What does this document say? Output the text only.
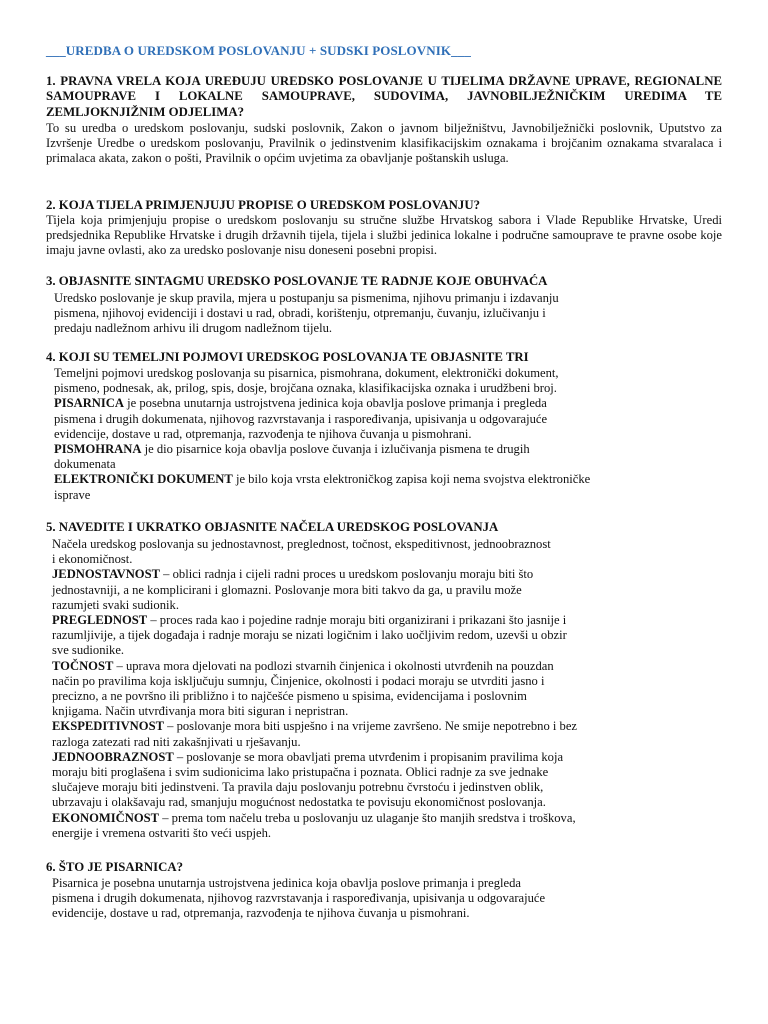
___UREDBA O UREDSKOM POSLOVANJU + SUDSKI POSLOVNIK___
1. PRAVNA VRELA KOJA UREĐUJU UREDSKO POSLOVANJE U TIJELIMA DRŽAVNE UPRAVE, REGIONALNE SAMOUPRAVE I LOKALNE SAMOUPRAVE, SUDOVIMA, JAVNOBILJEŽNIČKIM UREDIMA TE ZEMLJOKNJIŽNIM ODJELIMA?
To su uredba o uredskom poslovanju, sudski poslovnik, Zakon o javnom bilježništvu, Javnobilježnički poslovnik, Uputstvo za Izvršenje Uredbe o uredskom poslovanju, Pravilnik o jedinstvenim klasifikacijskim oznakama i brojčanim oznakama stvaralaca i primalaca akata, zakon o pošti, Pravilnik o općim uvjetima za obavljanje poštanskih usluga.
2. KOJA TIJELA PRIMJENJUJU PROPISE O UREDSKOM POSLOVANJU?
Tijela koja primjenjuju propise o uredskom poslovanju su stručne službe Hrvatskog sabora i Vlade Republike Hrvatske, Uredi predsjednika Republike Hrvatske i drugih državnih tijela, tijela i službi jedinica lokalne i područne samouprave te pravne osobe koje imaju javne ovlasti, ako za uredsko poslovanje nisu doneseni posebni propisi.
3. OBJASNITE SINTAGMU UREDSKO POSLOVANJE TE RADNJE KOJE OBUHVAĆA
Uredsko poslovanje je skup pravila, mjera u postupanju sa pismenima, njihovu primanju i izdavanju
pismena, njihovoj evidenciji i dostavi u rad, obradi, korištenju, otpremanju, čuvanju, izlučivanju i
predaju nadležnom arhivu ili drugom nadležnom tijelu.
4. KOJI SU TEMELJNI POJMOVI UREDSKOG POSLOVANJA TE OBJASNITE TRI
Temeljni pojmovi uredskog poslovanja su pisarnica, pismohrana, dokument, elektronički dokument,
pismeno, podnesak, ak, prilog, spis, dosje, brojčana oznaka, klasifikacijska oznaka i urudžbeni broj.
PISARNICA je posebna unutarnja ustrojstvena jedinica koja obavlja poslove primanja i pregleda
pismena i drugih dokumenata, njihovog razvrstavanja i raspoređivanja, upisivanja u odgovarajuće
evidencije, dostave u rad, otpremanja, razvođenja te njihova čuvanja u pismohrani.
PISMOHRANA je dio pisarnice koja obavlja poslove čuvanja i izlučivanja pismena te drugih
dokumenata
ELEKTRONIČKI DOKUMENT je bilo koja vrsta elektroničkog zapisa koji nema svojstva elektroničke
isprave
5. NAVEDITE I UKRATKO OBJASNITE NAČELA UREDSKOG POSLOVANJA
Načela uredskog poslovanja su jednostavnost, preglednost, točnost, ekspeditivnost, jednoobraznost
i ekonomičnost.
JEDNOSTAVNOST – oblici radnja i cijeli radni proces u uredskom poslovanju moraju biti što
jednostavniji, a ne komplicirani i glomazni. Poslovanje mora biti takvo da ga, u pravilu može
razumjeti svaki sudionik.
PREGLEDNOST – proces rada kao i pojedine radnje moraju biti organizirani i prikazani što jasnije i
razumljivije, a tijek događaja i radnje moraju se nizati logičnim i lako uočljivim redom, uzevši u obzir
sve sudionike.
TOČNOST – uprava mora djelovati na podlozi stvarnih činjenica i okolnosti utvrđenih na pouzdan
način po pravilima koja isključuju sumnju, Činjenice, okolnosti i podaci moraju se utvrditi jasno i
precizno, a ne površno ili približno i to najčešće pismeno u spisima, evidencijama i poslovnim
knjigama. Način utvrđivanja mora biti siguran i nepristran.
EKSPEDITIVNOST – poslovanje mora biti uspješno i na vrijeme završeno. Ne smije nepotrebno i bez
razloga zatezati rad niti zakašnjivati u rješavanju.
JEDNOOBRAZNOST – poslovanje se mora obavljati prema utvrđenim i propisanim pravilima koja
moraju biti proglašena i svim sudionicima lako pristupačna i poznata. Oblici radnje za sve jednake
slučajeve moraju biti jedinstveni. Ta pravila daju poslovanju potrebnu čvrstoću i jedinstven oblik,
ubrzavaju i olakšavaju rad, smanjuju mogućnost nedostatka te povisuju ekonomičnost poslovanja.
EKONOMIČNOST – prema tom načelu treba u poslovanju uz ulaganje što manjih sredstva i troškova,
energije i vremena ostvariti što veći uspjeh.
6. ŠTO JE PISARNICA?
Pisarnica je posebna unutarnja ustrojstvena jedinica koja obavlja poslove primanja i pregleda
pismena i drugih dokumenata, njihovog razvrstavanja i raspoređivanja, upisivanja u odgovarajuće
evidencije, dostave u rad, otpremanja, razvođenja te njihova čuvanja u pismohrani.
